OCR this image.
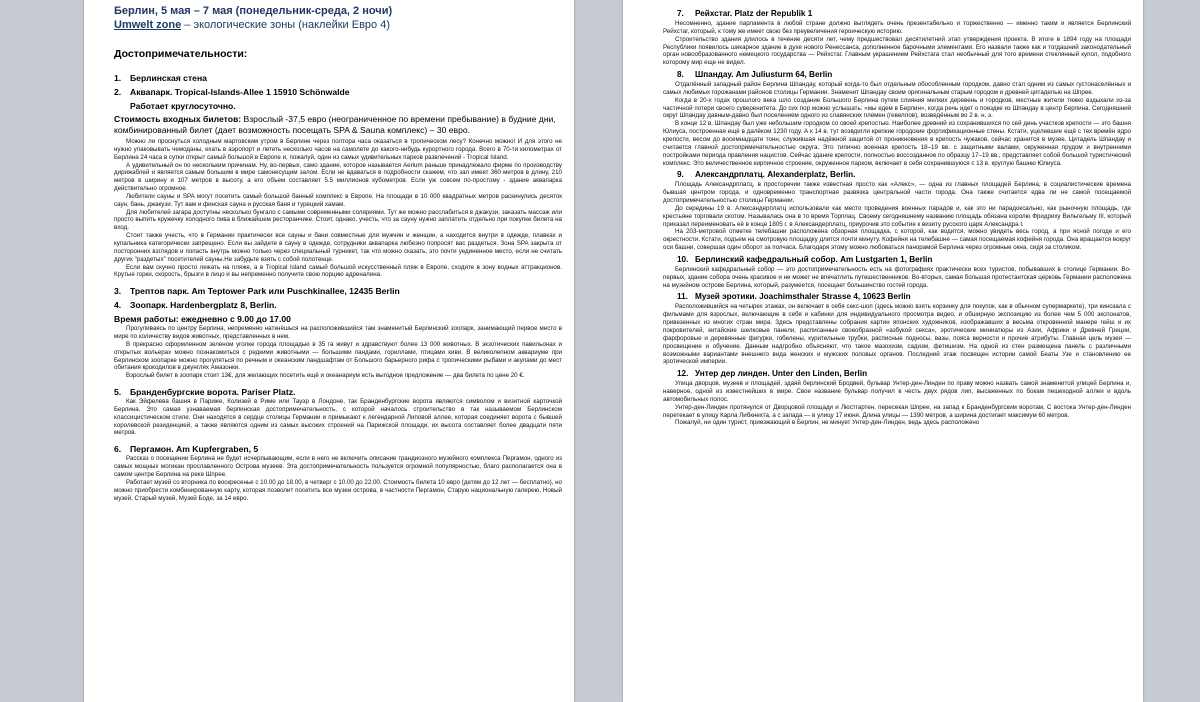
Берлин, 5 мая – 7 мая (понедельник-среда, 2 ночи)

Umwelt zone – экологические зоны (наклейки Евро 4)

Достопримечательности:

1. Берлинская стена

2. Аквапарк. Tropical-Islands-Allee 1 15910 Schönwalde

Работает круглосуточно.

Стоимость входных билетов: Взрослый -37,5 евро (неограниченное по времени пребывание) в будние дни, комбинированный билет (дает возможность посещать SPA & Sauna комплекс) – 30 евро.

Можно ли проснуться холодным мартовским утром в Берлине через полтора часа оказаться в тропическом лесу? Конечно можно! И для этого не нужно упаковывать чемоданы, ехать в аэропорт и лететь несколько часов на самолете до какого-нибудь курортного города. Всего в 70-ти километрах от Берлина 24 часа в сутки открыт самый большой в Европе и, пожалуй, один из самых удивительных парков развлечений - Tropical Island.

А удивительный он по нескольким причинам. Ну, во-первых, само здание, которое называется Aerium раньше принадлежало фирме по производству дирижаблей и является самым большим в мире самонесущим залом. Если не вдаваться в подробности скажем, что зал имеет 360 метров в длину, 210 метров в ширину и 107 метров в высоту, а его объем составляет 5.5 миллионов кубометров. Если уж совсем по-простому - здание аквапарка действительно огромное.

Любители сауны и SPA могут посетить самый большой банный комплекс в Европе. На площади в 10 000 квадратных метров раскинулись десяток саун, бань, джакузи. Тут вам и финская сауна и русская баня и турецкий хамам.

Для любителей загара доступны несколько бунгало с самыми современными соляриями. Тут же можно расслабиться в джакузи, заказать массаж или просто выпить кружечку холодного пива в ближайшем ресторанчике. Стоит, однако, учесть, что за сауну нужно заплатить отдельно при покупке билета на вход.

Стоит также учесть, что в Германии практически все сауны и бани совместные для мужчин и женщин, а находится внутри в одежде, плавках и купальника категорически запрещено. Если вы зайдете в сауну в одежде, сотрудники аквапарка любезно попросят вас раздеться. Зона SPA закрыта от посторонних взглядов и попасть внутрь можно только через специальный турникет, так что можно сказать, это почти уединенное место, если не считать других "раздетых" посетителей сауны.Не забудьте взять с собой полотенце.

Если вам скучно просто лежать на пляже, а в Tropical Island самый большой искусственный пляж в Европе, сходите в зону водных аттракционов. Крутые горки, скорость, брызги в лицо и вы непременно получите свою порцию адреналина.

3. Трептов парк. Am Teptower Park или Puschkinallee, 12435 Berlin

4. Зоопарк. Hardenbergplatz 8, Berlin.

Время работы: ежедневно с 9.00 до 17.00

Прогуливаясь по центру Берлина, непременно наткнёшься на расположившийся там знаменитый Берлинский зоопарк, занимающий первое место в мире по количеству видов животных, представленных в нем.

В прекрасно оформленном зеленом уголке города площадью в 35 га живут и здравствуют более 13 000 животных. В экзотических павильонах и открытых вольерах можно познакомиться с редкими животными — большими пандами, гориллами, птицами киви. В великолепном аквариуме при Берлинском зоопарке можно прогуляться по речным и океанским ландшафтам от Большого барьерного рифа с тропическими рыбами и акулами до мест обитания крокодилов в джунглях Амазонки.

Взрослый билет в зоопарк стоит 13€, для желающих посетить ещё и океанариум есть выгодное предложение — два билета по цене 20 €.

5. Бранденбургские ворота. Pariser Platz.

Как Эйфелева башня в Париже, Колизей в Риме или Тауэр в Лондоне, так Бранденбургские ворота являются символом и визитной карточкой Берлина. Это самая узнаваемая берлинская достопримечательность, с которой началось строительство в так называемом Берлинском классицистическом стиле. Они находятся в сердце столицы Германии и примыкают к легендарной Липовой аллее, которая соединяет ворота с бывшей королевской резиденцией, а также являются одним из самых высоких строений на Парижской площади, их высота составляет более двадцати пяти метров.

6. Пергамон. Am Kupfergraben, 5

Рассказ о посещении Берлина не будет исчерпывающим, если в него не включить описание грандиозного музейного комплекса Пергамон, одного из самых мощных могикан прославленного Острова музеев. Эта достопримечательность пользуется огромной популярностью, благо располагается она в самом центре Берлина на реке Шпрее.

Работает музей со вторника по воскресенье с 10.00 до 18.00, в четверг с 10.00 до 22.00. Стоимость билета 10 евро (детям до 12 лет — бесплатно), но можно приобрести комбинированную карту, которая позволит посетить все музеи острова, в частности Пергамон, Старую национальную галерею, Новый музей, Старый музей, Музей Боде, за 14 евро.

7. Рейхстаг. Platz der Republik 1

Несомненно, здание парламента в любой стране должно выглядеть очень презентабельно и торжественно — именно таким и является Берлинский Рейхстаг, который, к тому же имеет свою без преувеличения героическую историю.

Строительство здания длилось в течение десяти лет, чему предшествовал десятилетний этап утверждения проекта. В итоге в 1894 году на площади Республики появилось шикарное здание в духе нового Ренессанса, дополненное барочными элементами. Его назвали также как и тогдашний законодательный орган новообразованного немецкого государства — Рейхстаг. Главным украшением Рейхстага стал необычный для того времени стеклянный купол, подобного которому мир еще не видел.

8. Шпандау. Am Juliusturm 64, Berlin

Отдалённый западный район Берлина Шпандау, который когда-то был отдельным обособленным городком, давно стал одним из самых густонаселённых и самых любимых горожанами районов столицы Германии. Знаменит Шпандау своим оригинальным старым городом и древней цитаделью на Шпрее.

Когда в 20-х годах прошлого века шло создание Большого Берлина путем слияния мелких деревень и городков, местные жители тяжко вздыхали из-за частичной потери своего суверенитета. До сих пор можно услышать: «мы едем в Берлин», когда речь идет о поездке из Шпандау в центр Берлина. Сегодняшний округ Шпандау давным-давно был поселением одного из славянских племен (гевеллов), возведённым во 2 в. н. э.

В конце 12 в. Шпандау был уже небольшим городком со своей крепостью. Наиболее древний из сохранившихся по сей день участков крепости — это башня Юлиуса, построенная ещё в далёком 1230 году. А к 14 в. тут возвдигли крепкие городские фортификационные стены. Кстати, уцелевшие ещё с тех времён ядро крепости, весом до восемнадцати тонн, служившая надёжной защитой от проникновения в крепость чужаков, сейчас хранится в музее. Цитадель Шпандау и считается главной достопримечательностью округа. Это типично военная крепость 18–19 вв. с защитными валами, окруженная прудом и внутренними постройками периода правления нацистов. Сейчас здание крепости, полностью воссозданное по образцу 17–19 вв., представляет собой большой туристический комплекс. Это величественное кирпичное строение, окруженное парком, включает в себя сохранившуюся с 13 в. круглую башню Юлиуса.

9. Александрплатц. Alexanderplatz, Berlin.

Площадь Александрплатц, в просторечии также известная просто как «Алекс», — одна из главных площадей Берлина, в социалистические времена бывшая центром города, и одновременно транспортная развязка центральной части города. Она также считается едва ли не самой посещаемой достопримечательностью столицы Германии.

До середины 19 в. Александерплатц использовали как место проведения военных парадов и, как это ни парадоксально, как рыночную площадь, где крестьяне торговали скотом. Называлась она в то время Торплац. Своему сегодняшнему названию площадь обязана королю Фридриху Вильгельму III, который приказал переименовать её в конце 1805 г. в Александерплатц, приурочив это событие к визиту русского царя Александра I.

На 203-метровой отметке телебашни расположена обзорная площадка, с которой, как водится, можно увидеть весь город, а при ясной погоде и его окрестности. Кстати, подъем на смотровую площадку длится почти минуту. Кофейня на телебашне — самая посещаемая кофейня города. Она вращается вокруг оси башни, совершая один оборот за полчаса. Благодаря этому можно любоваться панорамой Берлина через огромные окна, сидя за столиком.

10. Берлинский кафедральный собор. Am Lustgarten 1, Berlin

Берлинский кафедральный собор — это достопримечательность есть на фотографиях практически всех туристов, побывавших в столице Германии. Во-первых, здание собора очень красивое и не может не впечатлить путешественников. Во-вторых, самая большая протестантская церковь Германии расположена на музейном острове Берлина, который, разумеется, посещает большинство гостей города.

11. Музей эротики. Joachimsthaler Strasse 4, 10623 Berlin

Расположившийся на четырех этажах, он включает в себя секс-шоп (здесь можно взять корзинку для покупок, как в обычном супермаркете), три кинозала с фильмами для взрослых, включающие в себя и кабинки для индивидуального просмотра видео, и обширную экспозицию из более чем 5 000 экспонатов, привезенных из многих стран мира. Здесь представлены собрания картин японских художников, изображавших в весьма откровенной манере гейш и их покровителей, китайские шелковые панели, расписанные своеобразной «азбукой секса», эротические миниатюры из Азии, Африки и Древней Греции, фарфоровые и деревянные фигурки, гобелены, курительные трубки, расписные подносы, вазы, пояса верности и прочие атрибуты. Главная цель музея — просвещение и обучение. Данным надгробно объясняют, что такое мазохизм, садизм, фетишизм. На одной из стен размещена панель с различными возможными вариантами внешнего вида женских и мужских половых органов. Последний этаж посвящен истории самой Беаты Узе и становлению ее эротической империи.

12. Унтер дер линден. Unter den Linden, Berlin

Улица дворцов, музеев и площадей, здаяй берлинский Бродвей, бульвар Унтер-ден-Линден по праву можно назвать самой знаменитой улицей Берлина и, наверное, одной из известнейших в мире. Свое название бульвар получил в честь двух рядов лип, высаженных по бокам пешеходной аллеи и вдоль автомобильных полос.

Унтер-ден-Линден протянулся от Дворцовой площади и Люстгартен, пересекая Шпрее, на запад к Бранденбургским воротам. С востока Унтер-ден-Линден перетекает в улицу Карла Либкнехта, а с запада — в улицу 17 июня. Длина улицы — 1390 метров, а ширина достигает максимум 60 метров.

Пожалуй, ни один турист, приезжающий в Берлин, не минует Унтер-ден-Линден, ведь здесь расположено
